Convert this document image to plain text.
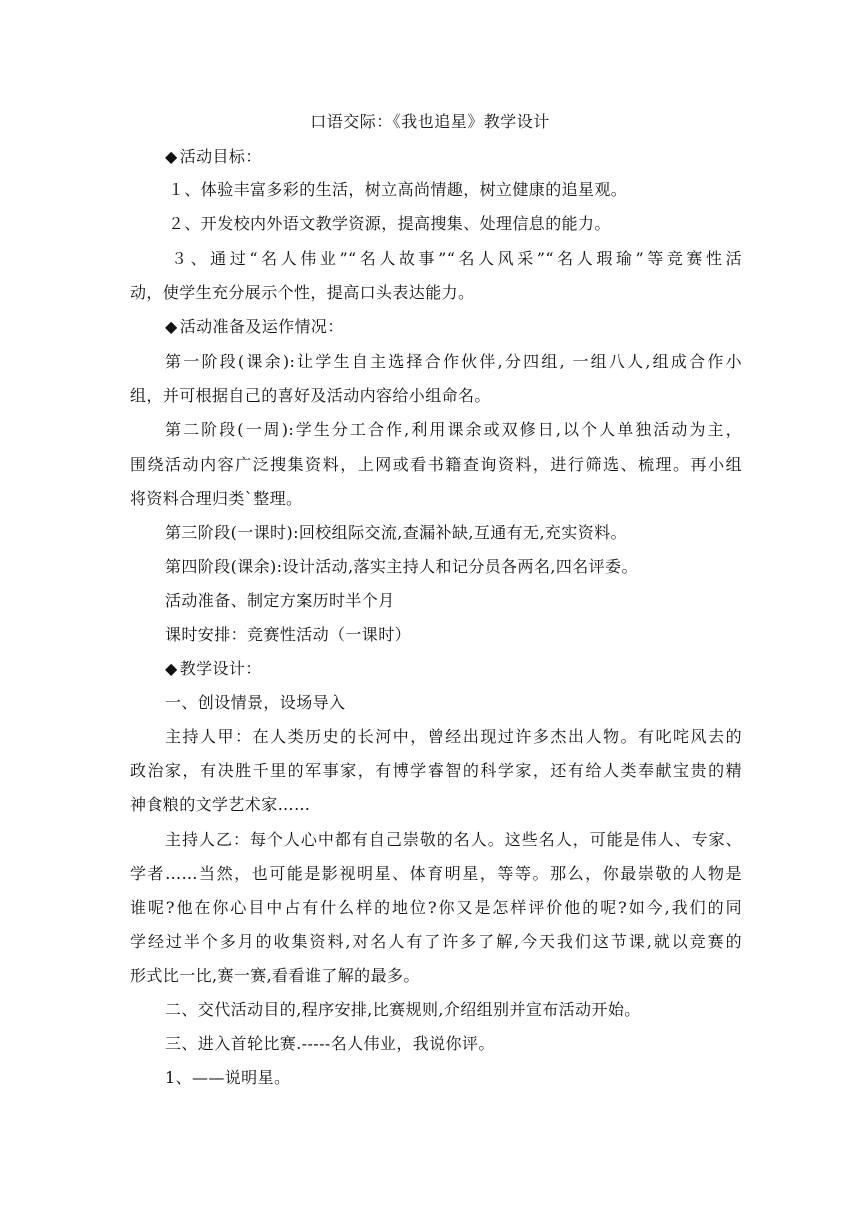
口语交际：《我也追星》教学设计
◆ 活动目标：
１、体验丰富多彩的生活，树立高尚情趣，树立健康的追星观。
２、开发校内外语文教学资源，提高搜集、处理信息的能力。
３、通过“名人伟业”“名人故事”“名人风采”“名人瑕瑜”等竞赛性活
动，使学生充分展示个性，提高口头表达能力。
◆ 活动准备及运作情况：
第一阶段(课余):让学生自主选择合作伙伴,分四组, 一组八人,组成合作小
组，并可根据自己的喜好及活动内容给小组命名。
第二阶段(一周):学生分工合作,利用课余或双修日,以个人单独活动为主，
围绕活动内容广泛搜集资料，上网或看书籍查询资料，进行筛选、梳理。再小组
将资料合理归类`整理。
第三阶段(一课时):回校组际交流,查漏补缺,互通有无,充实资料。
第四阶段(课余):设计活动,落实主持人和记分员各两名,四名评委。
活动准备、制定方案历时半个月
课时安排：竞赛性活动（一课时）
◆ 教学设计：
一、创设情景，设场导入
主持人甲：在人类历史的长河中，曾经出现过许多杰出人物。有叱咤风去的
政治家，有决胜千里的军事家，有博学睿智的科学家，还有给人类奉献宝贵的精
神食粮的文学艺术家……
主持人乙：每个人心中都有自己崇敬的名人。这些名人，可能是伟人、专家、
学者……当然，也可能是影视明星、体育明星，等等。那么，你最崇敬的人物是
谁呢?他在你心目中占有什么样的地位?你又是怎样评价他的呢?如今,我们的同
学经过半个多月的收集资料,对名人有了许多了解,今天我们这节课,就以竞赛的
形式比一比,赛一赛,看看谁了解的最多。
二、交代活动目的,程序安排,比赛规则,介绍组别并宣布活动开始。
三、进入首轮比赛.-----名人伟业，我说你评。
1、——说明星。
